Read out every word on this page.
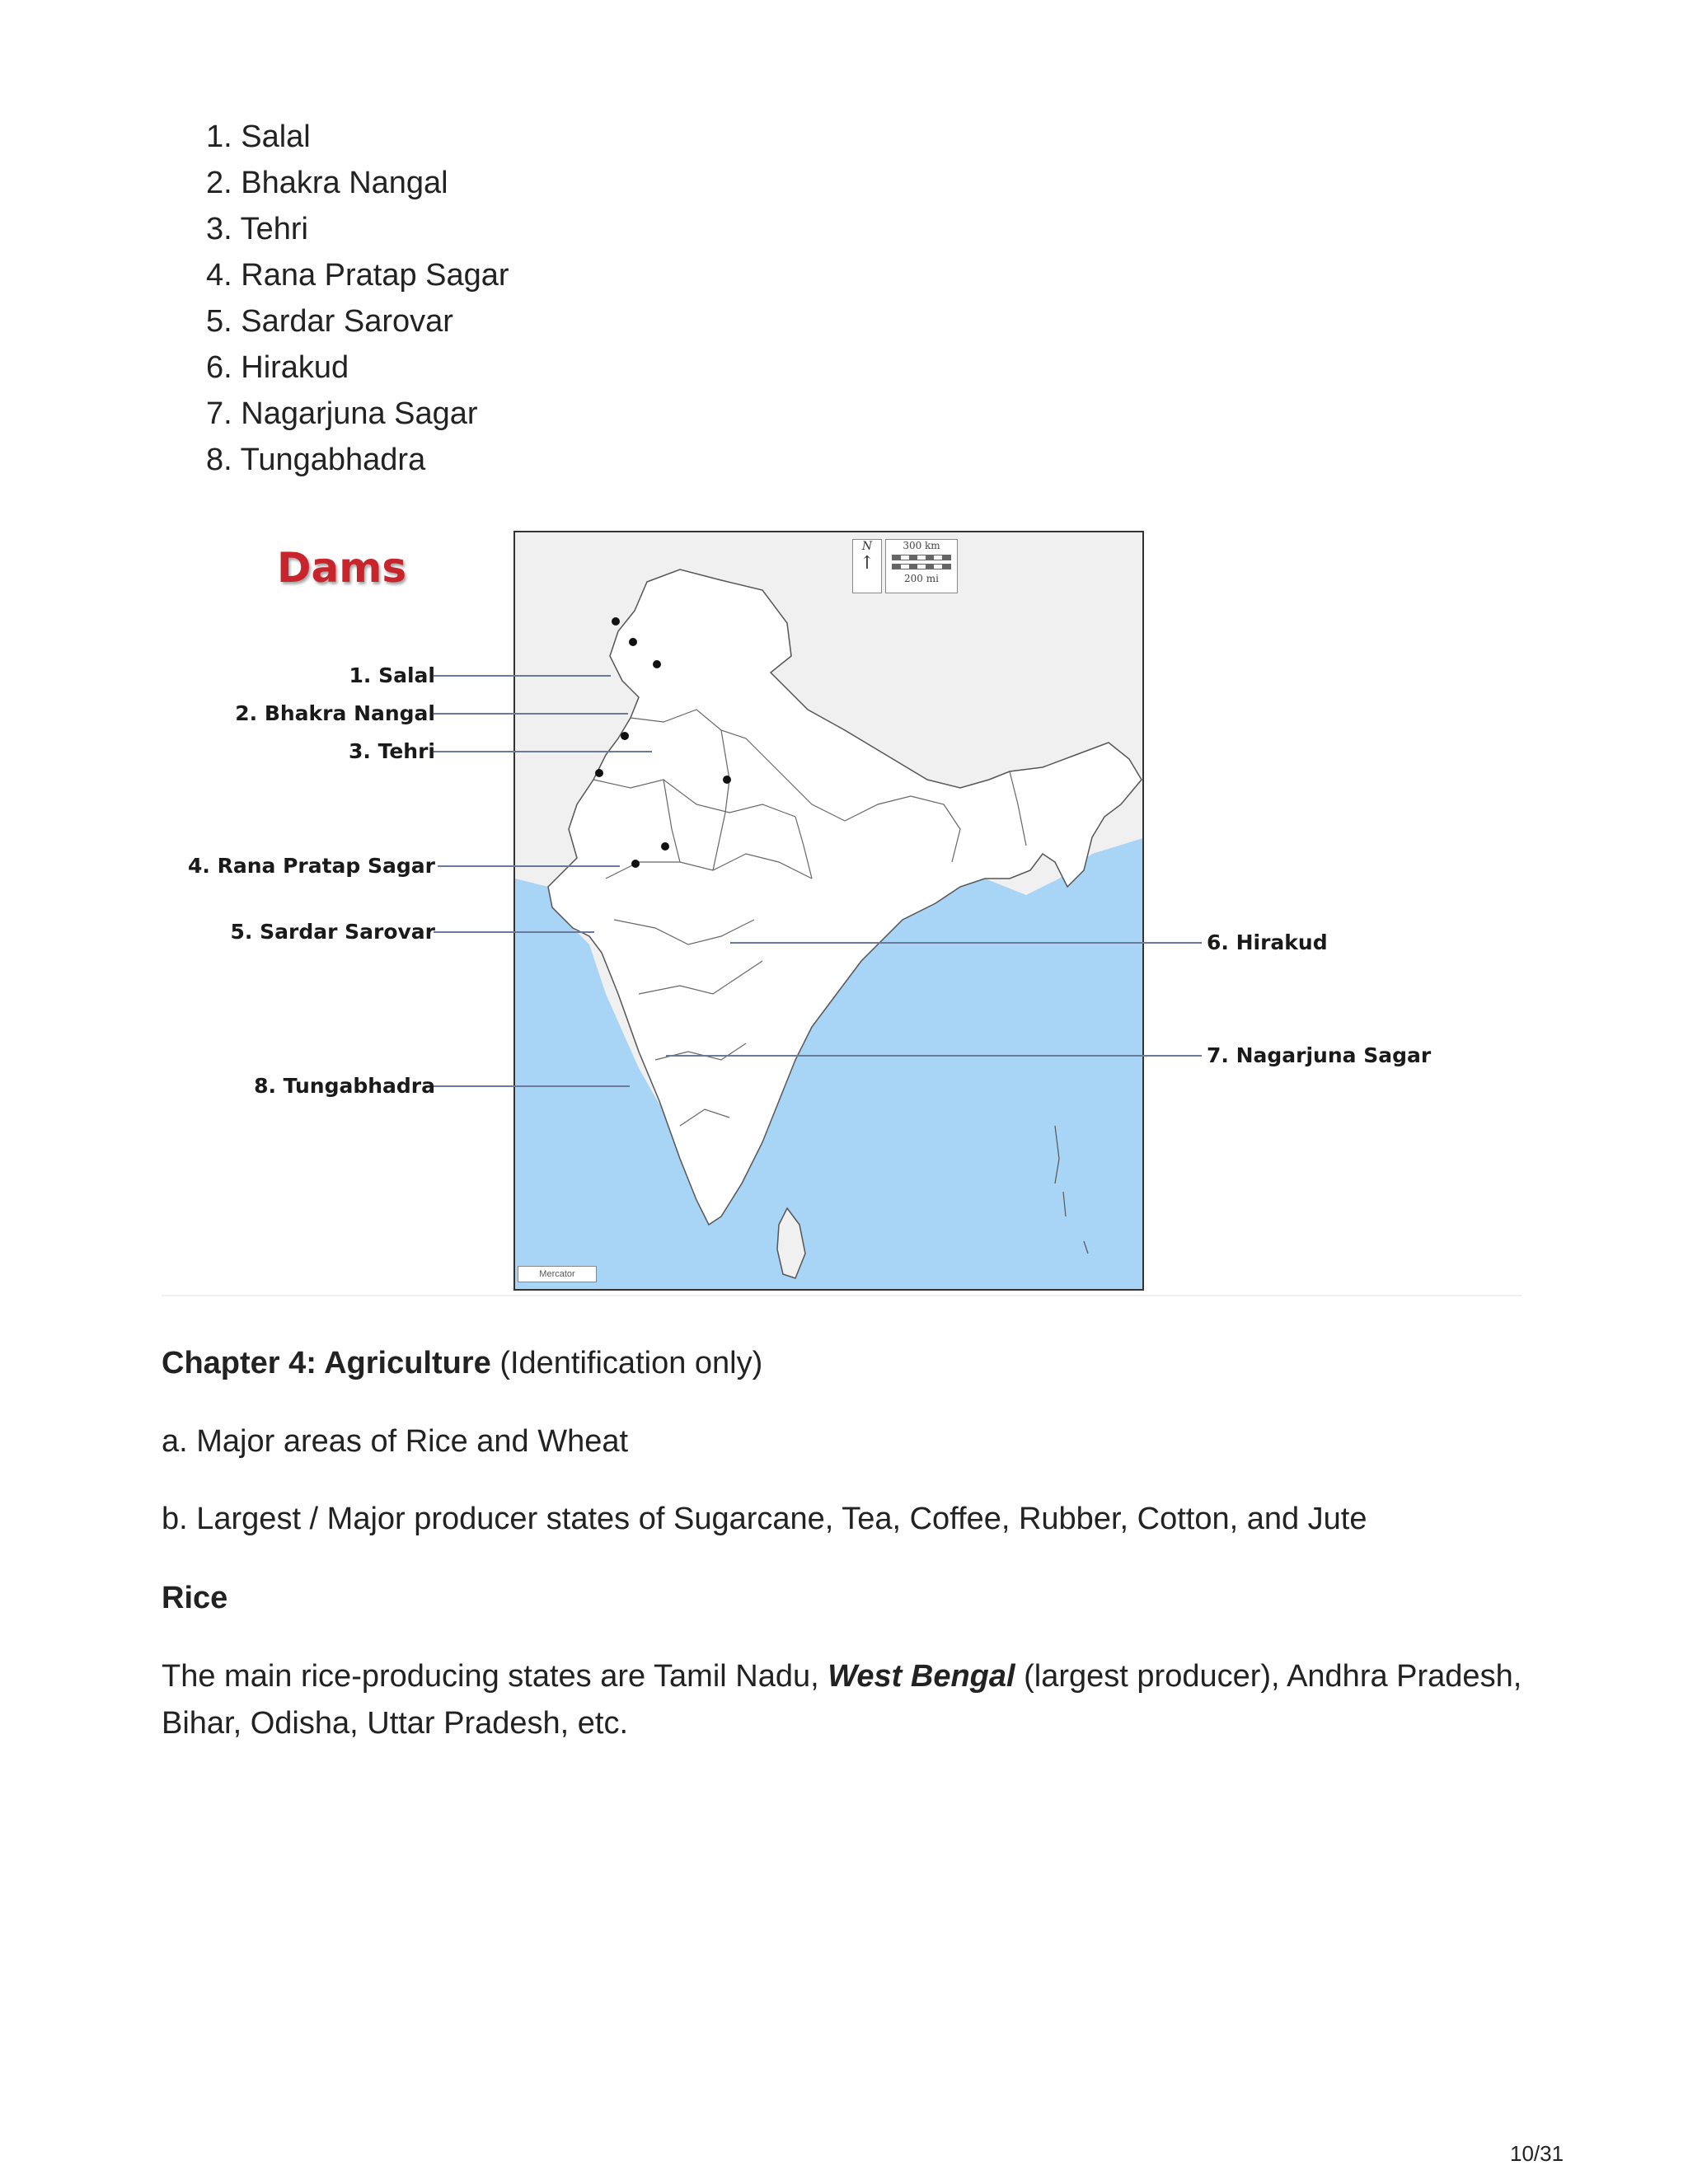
1. Salal
2. Bhakra Nangal
3. Tehri
4. Rana Pratap Sagar
5. Sardar Sarovar
6. Hirakud
7. Nagarjuna Sagar
8. Tungabhadra
Dams
1. Salal
2. Bhakra Nangal
3. Tehri
4. Rana Pratap Sagar
5. Sardar Sarovar	6. Hirakud
7. Nagarjuna Sagar
8. Tungabhadra
N
↑
300 km
200 mi
Mercator
Chapter 4: Agriculture (Identification only)
a. Major areas of Rice and Wheat
b. Largest / Major producer states of Sugarcane, Tea, Coffee, Rubber, Cotton, and Jute
Rice
The main rice-producing states are Tamil Nadu, West Bengal (largest producer), Andhra Pradesh, Bihar, Odisha, Uttar Pradesh, etc.
10/31
